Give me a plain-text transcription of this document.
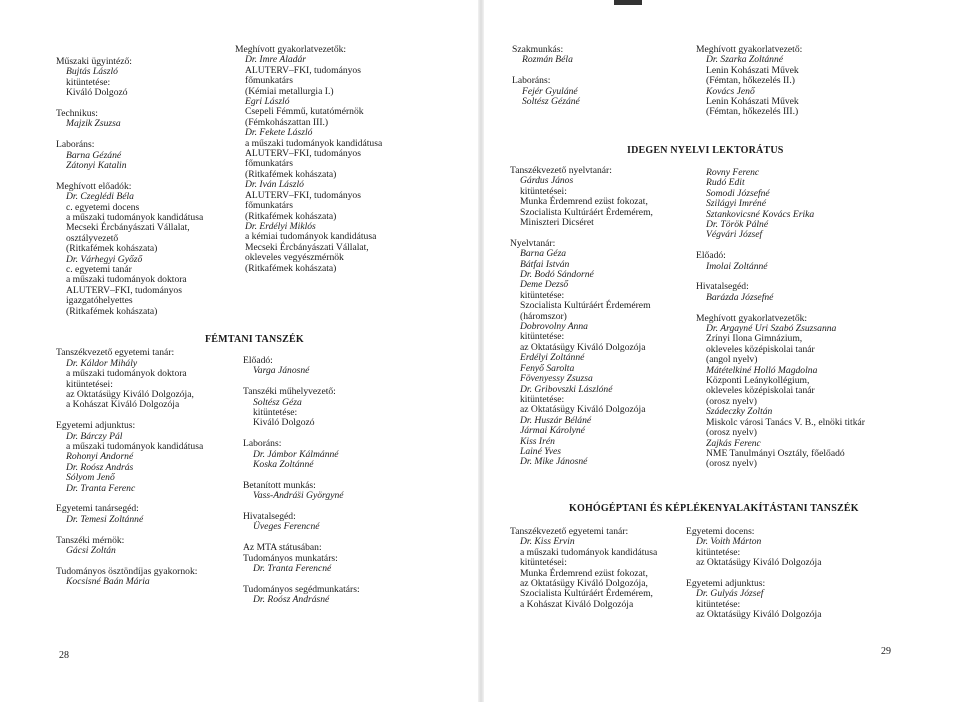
Műszaki ügyintéző:
Bujtás László
kitüntetése:
Kiváló Dolgozó
Technikus:
Majzik Zsuzsa
Laboráns:
Barna Gézáné
Zátonyi Katalin
Meghívott előadók:
Dr. Czeglédi Béla
c. egyetemi docens
a műszaki tudományok kandidátusa
Mecseki Ércbányászati Vállalat,
osztályvezető
(Ritkafémek kohászata)
Dr. Várhegyi Győző
c. egyetemi tanár
a műszaki tudományok doktora
ALUTERV–FKI, tudományos
igazgatóhelyettes
(Ritkafémek kohászata)
Tanszékvezető egyetemi tanár:
Dr. Káldor Mihály
a műszaki tudományok doktora
kitüntetései:
az Oktatásügy Kiváló Dolgozója,
a Kohászat Kiváló Dolgozója
Egyetemi adjunktus:
Dr. Bárczy Pál
a műszaki tudományok kandidátusa
Rohonyi Andorné
Dr. Roósz András
Sólyom Jenő
Dr. Tranta Ferenc
Egyetemi tanársegéd:
Dr. Temesi Zoltánné
Tanszéki mérnök:
Gácsi Zoltán
Tudományos ösztöndíjas gyakornok:
Kocsisné Baán Mária
Meghívott gyakorlatvezetők:
Dr. Imre Aladár
ALUTERV–FKI, tudományos
főmunkatárs
(Kémiai metallurgia I.)
Egri László
Csepeli Fémmű, kutatómérnök
(Fémkohászattan III.)
Dr. Fekete László
a műszaki tudományok kandidátusa
ALUTERV–FKI, tudományos
főmunkatárs
(Ritkafémek kohászata)
Dr. Iván László
ALUTERV–FKI, tudományos
főmunkatárs
(Ritkafémek kohászata)
Dr. Erdélyi Miklós
a kémiai tudományok kandidátusa
Mecseki Ércbányászati Vállalat,
okleveles vegyészmérnök
(Ritkafémek kohászata)
FÉMTANI TANSZÉK
Előadó:
Varga Jánosné
Tanszéki műhelyvezető:
Soltész Géza
kitüntetése:
Kiváló Dolgozó
Laboráns:
Dr. Jámbor Kálmánné
Koska Zoltánné
Betanított munkás:
Vass-András̈i Györgyné
Hivatalsegéd:
Üveges Ferencné
Az MTA státusában:
Tudományos munkatárs:
Dr. Tranta Ferencné
Tudományos segédmunkatárs:
Dr. Roósz Andrásné
Szakmunkás:
Rozmán Béla
Laboráns:
Fejér Gyuláné
Soltész Gézáné
IDEGEN NYELVI LEKTORÁTUS
Tanszékvezető nyelvtanár:
Gárdus János
kitüntetései:
Munka Érdemrend ezüst fokozat,
Szocialista Kultúráért Érdemérem,
Miniszteri Dicséret
Nyelvtanár:
Barna Géza
Bátfai István
Dr. Bodó Sándorné
Deme Dezső
kitüntetése:
Szocialista Kultúráért Érdemérem
(háromszor)
Dobrovolny Anna
kitüntetése:
az Oktatásügy Kiváló Dolgozója
Erdélyi Zoltánné
Fenyő Sarolta
Fövenyessy Zsuzsa
Dr. Gribovszki Lászlóné
kitüntetése:
az Oktatásügy Kiváló Dolgozója
Dr. Huszár Béláné
Jármai Károlyné
Kiss Irén
Lainé Yves
Dr. Mike Jánosné
KOHÓGÉPTANI ÉS KÉPLÉKENYALAKÍTÁSTANI TANSZÉK
Tanszékvezető egyetemi tanár:
Dr. Kiss Ervin
a műszaki tudományok kandidátusa
kitüntetései:
Munka Érdemrend ezüst fokozat,
az Oktatásügy Kiváló Dolgozója,
Szocialista Kultúráért Érdemérem,
a Kohászat Kiváló Dolgozója
Meghívott gyakorlatvezető:
Dr. Szarka Zoltánné
Lenin Kohászati Művek
(Fémtan, hőkezelés II.)
Kovács Jenő
Lenin Kohászati Művek
(Fémtan, hőkezelés III.)
Rovny Ferenc
Rudó Edit
Somodi Józsefné
Szilágyi Imréné
Sztankovicsné Kovács Erika
Dr. Török Pálné
Végvári József
Előadó:
Imolai Zoltánné
Hivatalsegéd:
Barázda Józsefné
Meghívott gyakorlatvezetők:
Dr. Argayné Uri Szabó Zsuzsanna
Zrínyi Ilona Gimnázium,
okleveles középiskolai tanár
(angol nyelv)
Mátételkiné Holló Magdolna
Központi Leánykollégium,
okleveles középiskolai tanár
(orosz nyelv)
Szádeczky Zoltán
Miskolc városi Tanács V. B., elnöki titkár
(orosz nyelv)
Zajkás Ferenc
NME Tanulmányi Osztály, főelőadó
(orosz nyelv)
Egyetemi docens:
Dr. Voith Márton
kitüntetése:
az Oktatásügy Kiváló Dolgozója
Egyetemi adjunktus:
Dr. Gulyás József
kitüntetése:
az Oktatásügy Kiváló Dolgozója
28	29
